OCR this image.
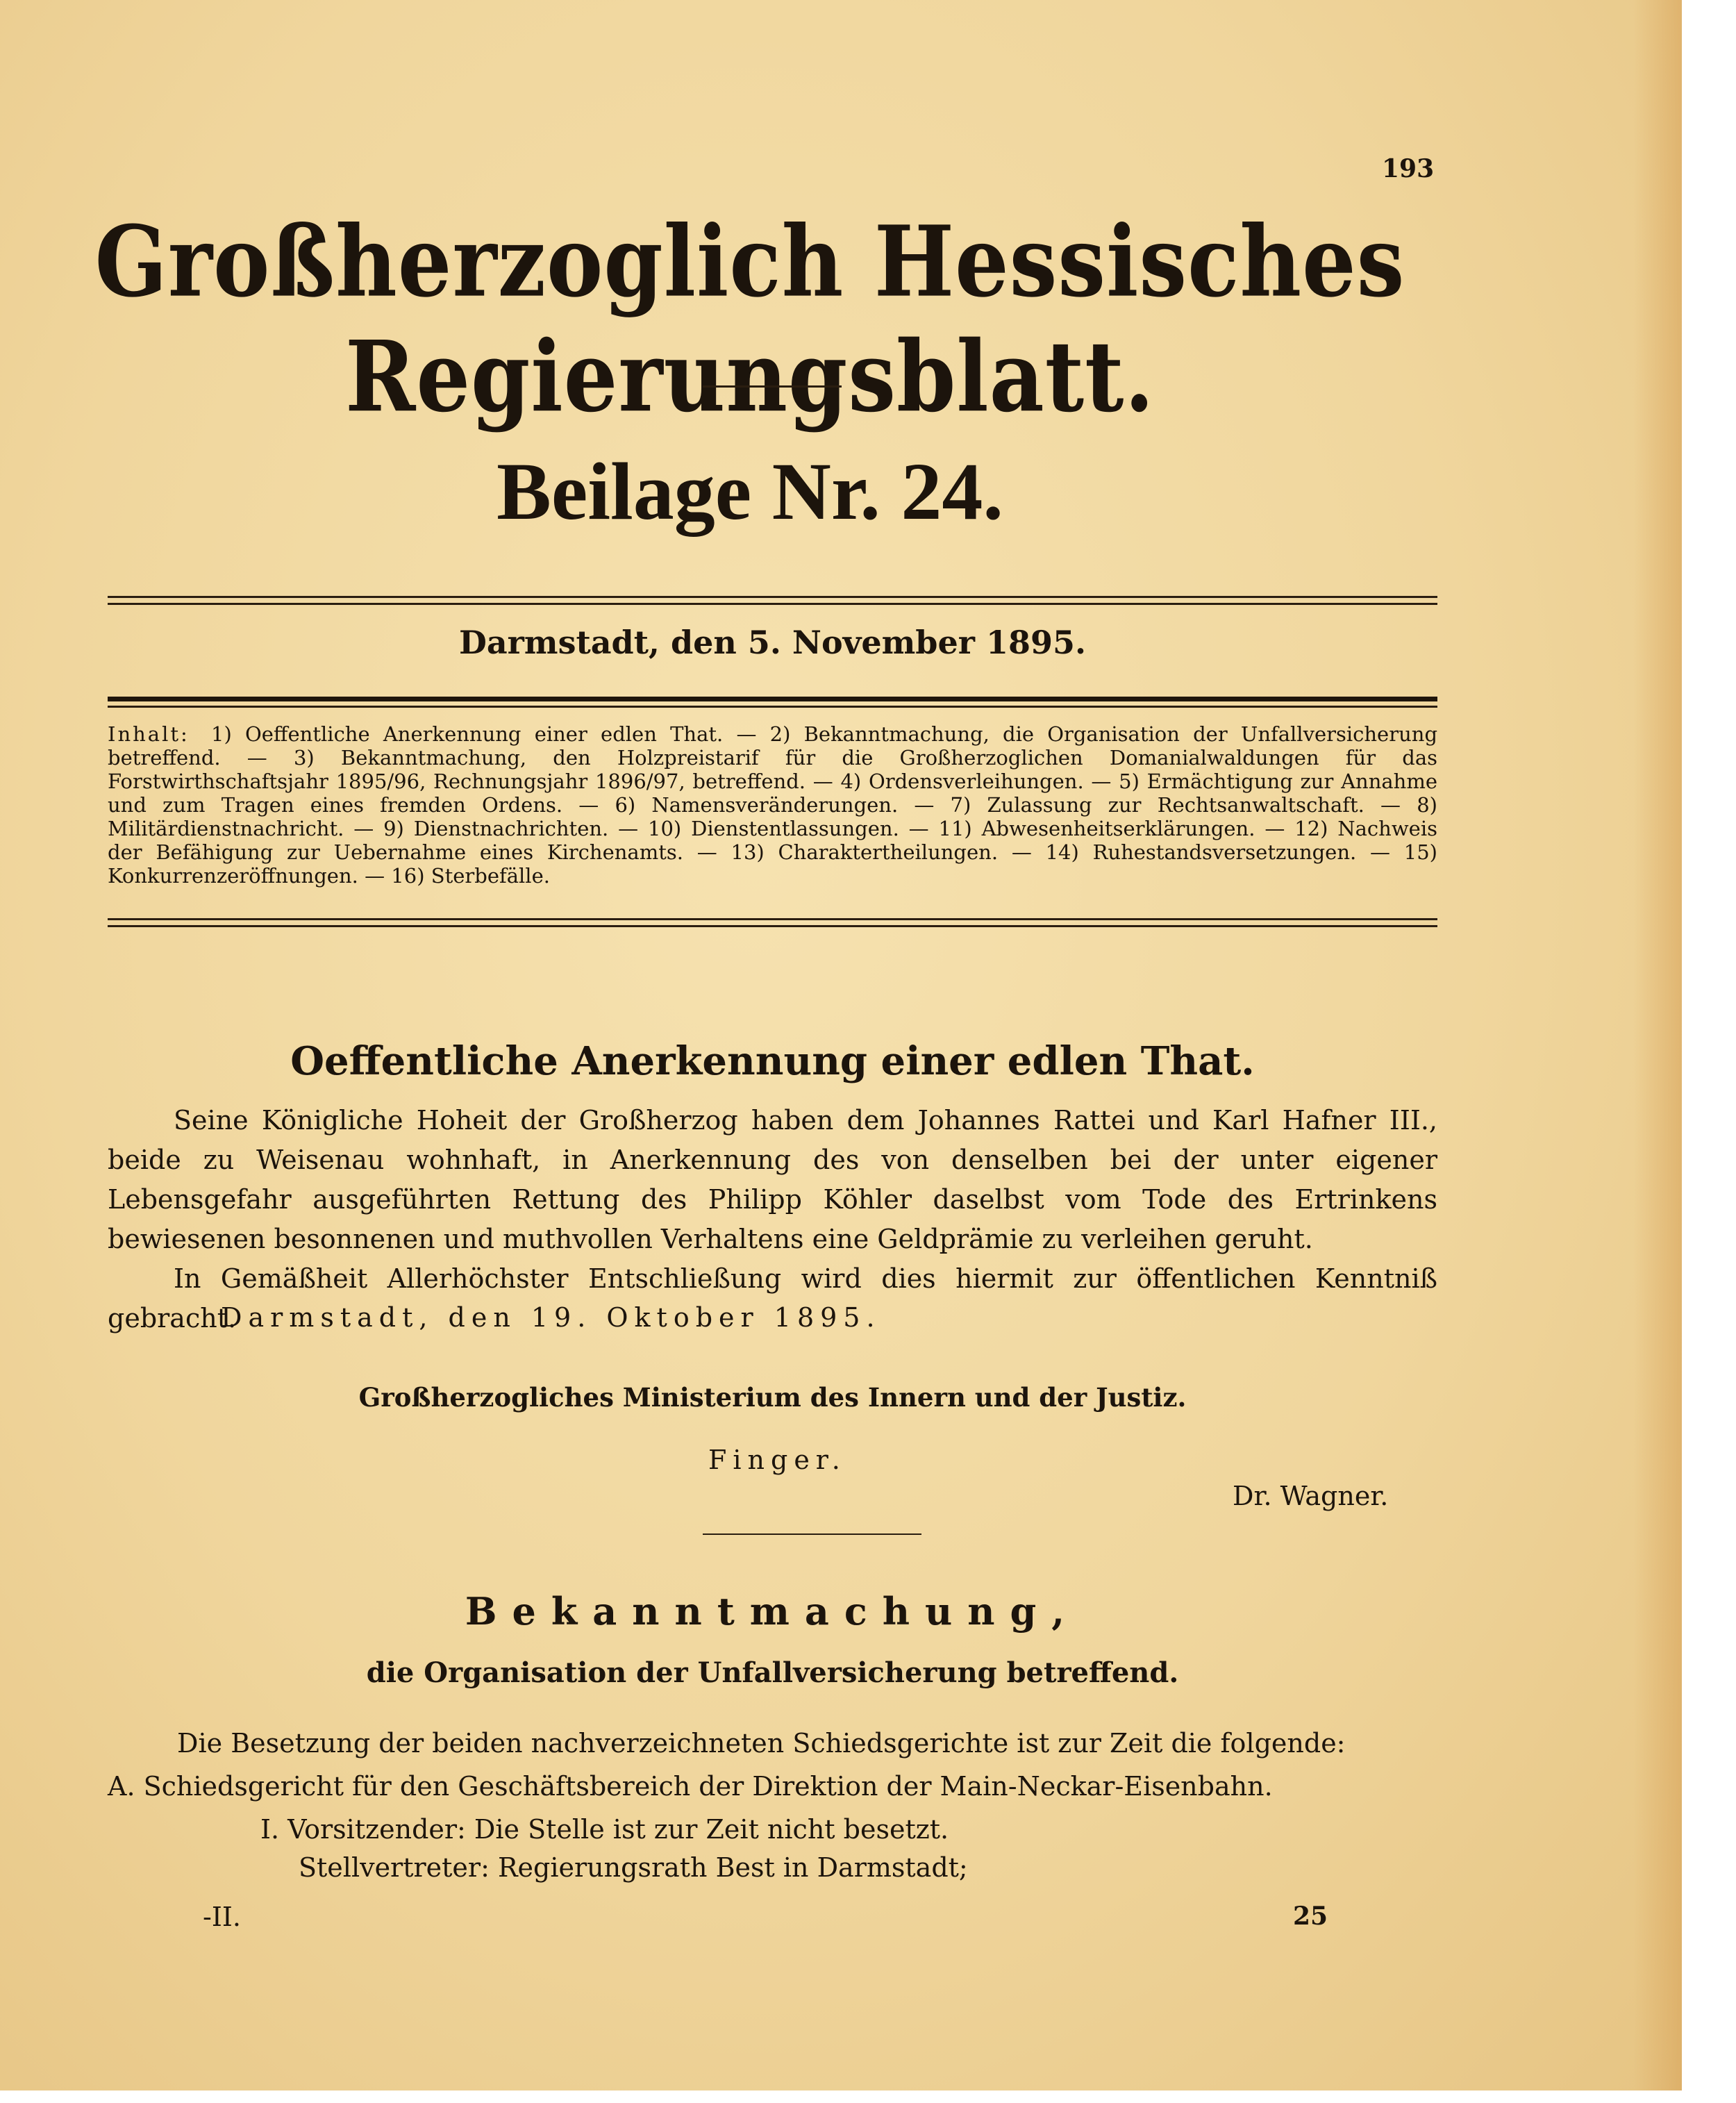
193
Großherzoglich Hessisches Regierungsblatt.
Beilage Nr. 24.
Darmstadt, den 5. November 1895.
Inhalt: 1) Oeffentliche Anerkennung einer edlen That. — 2) Bekanntmachung, die Organisation der Unfallversicherung betreffend. — 3) Bekanntmachung, den Holzpreistarif für die Großherzoglichen Domanialwaldungen für das Forstwirthschaftsjahr 1895/96, Rechnungsjahr 1896/97, betreffend. — 4) Ordensverleihungen. — 5) Ermächtigung zur Annahme und zum Tragen eines fremden Ordens. — 6) Namensveränderungen. — 7) Zulassung zur Rechtsanwaltschaft. — 8) Militärdienstnachricht. — 9) Dienstnachrichten. — 10) Dienstentlassungen. — 11) Abwesenheitserklärungen. — 12) Nachweis der Befähigung zur Uebernahme eines Kirchenamts. — 13) Charaktertheilungen. — 14) Ruhestandsversetzungen. — 15) Konkurrenzeröffnungen. — 16) Sterbefälle.
Oeffentliche Anerkennung einer edlen That.

Seine Königliche Hoheit der Großherzog haben dem Johannes Rattei und Karl Hafner III., beide zu Weisenau wohnhaft, in Anerkennung des von denselben bei der unter eigener Lebensgefahr ausgeführten Rettung des Philipp Köhler daselbst vom Tode des Ertrinkens bewiesenen besonnenen und muthvollen Verhaltens eine Geldprämie zu verleihen geruht.

In Gemäßheit Allerhöchster Entschließung wird dies hiermit zur öffentlichen Kenntniß gebracht.

Darmstadt, den 19. Oktober 1895.
Großherzogliches Ministerium des Innern und der Justiz.
Finger.
Dr. Wagner.
Bekanntmachung,
die Organisation der Unfallversicherung betreffend.
Die Besetzung der beiden nachverzeichneten Schiedsgerichte ist zur Zeit die folgende:
A. Schiedsgericht für den Geschäftsbereich der Direktion der Main-Neckar-Eisenbahn.
I. Vorsitzender: Die Stelle ist zur Zeit nicht besetzt.
Stellvertreter: Regierungsrath Best in Darmstadt;
-II.	25
